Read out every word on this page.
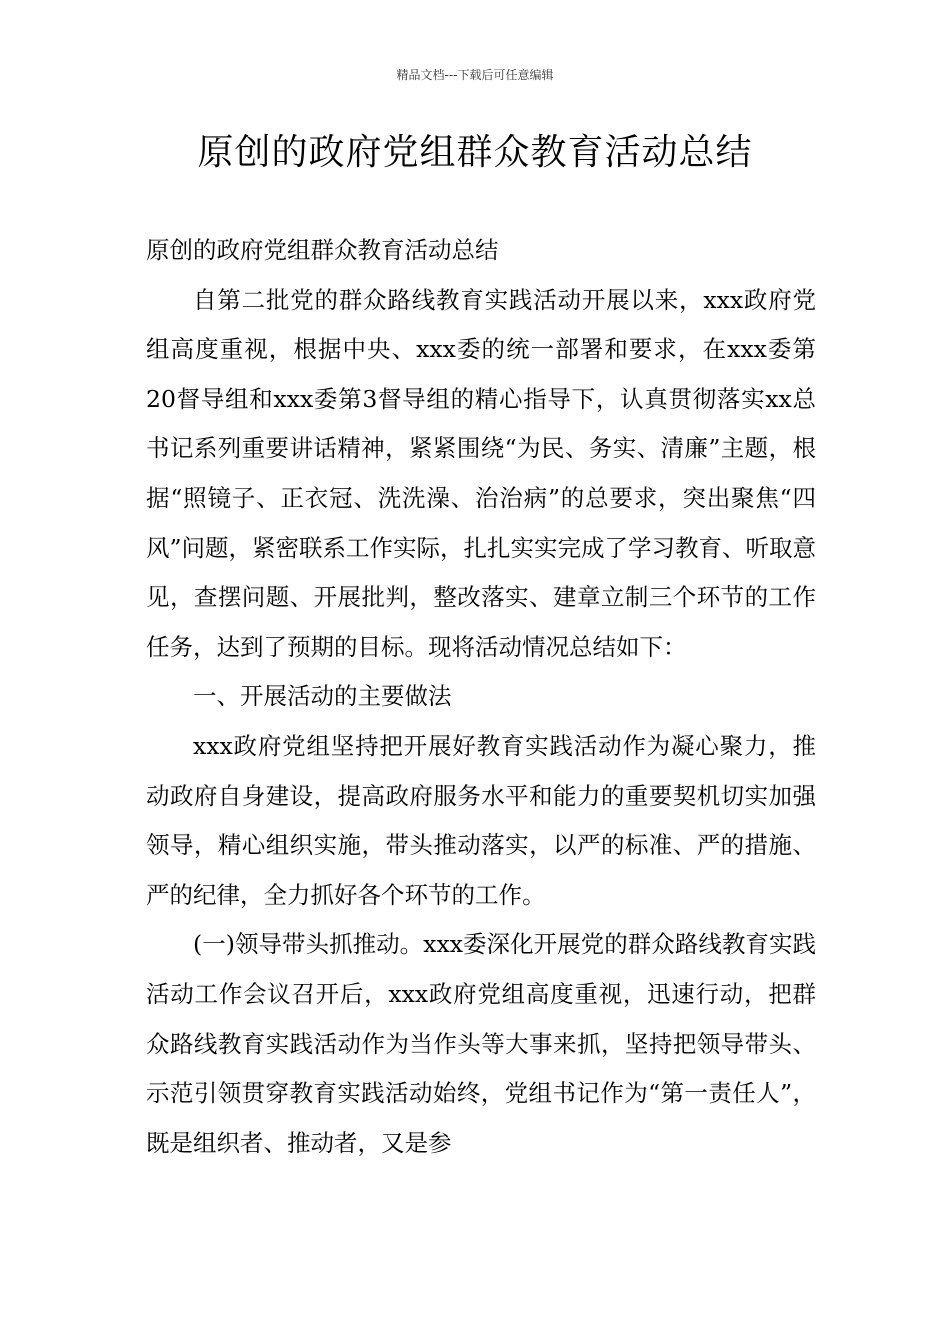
精品文档---下载后可任意编辑
原创的政府党组群众教育活动总结

原创的政府党组群众教育活动总结

自第二批党的群众路线教育实践活动开展以来，xxx政府党组高度重视，根据中央、xxx委的统一部署和要求，在xxx委第20督导组和xxx委第3督导组的精心指导下，认真贯彻落实xx总书记系列重要讲话精神，紧紧围绕“为民、务实、清廉”主题，根据“照镜子、正衣冠、洗洗澡、治治病”的总要求，突出聚焦“四风”问题，紧密联系工作实际，扎扎实实完成了学习教育、听取意见，查摆问题、开展批判，整改落实、建章立制三个环节的工作任务，达到了预期的目标。现将活动情况总结如下：

一、开展活动的主要做法

xxx政府党组坚持把开展好教育实践活动作为凝心聚力，推动政府自身建设，提高政府服务水平和能力的重要契机切实加强领导，精心组织实施，带头推动落实，以严的标准、严的措施、严的纪律，全力抓好各个环节的工作。

(一)领导带头抓推动。xxx委深化开展党的群众路线教育实践活动工作会议召开后，xxx政府党组高度重视，迅速行动，把群众路线教育实践活动作为当作头等大事来抓，坚持把领导带头、示范引领贯穿教育实践活动始终，党组书记作为“第一责任人”，既是组织者、推动者，又是参
